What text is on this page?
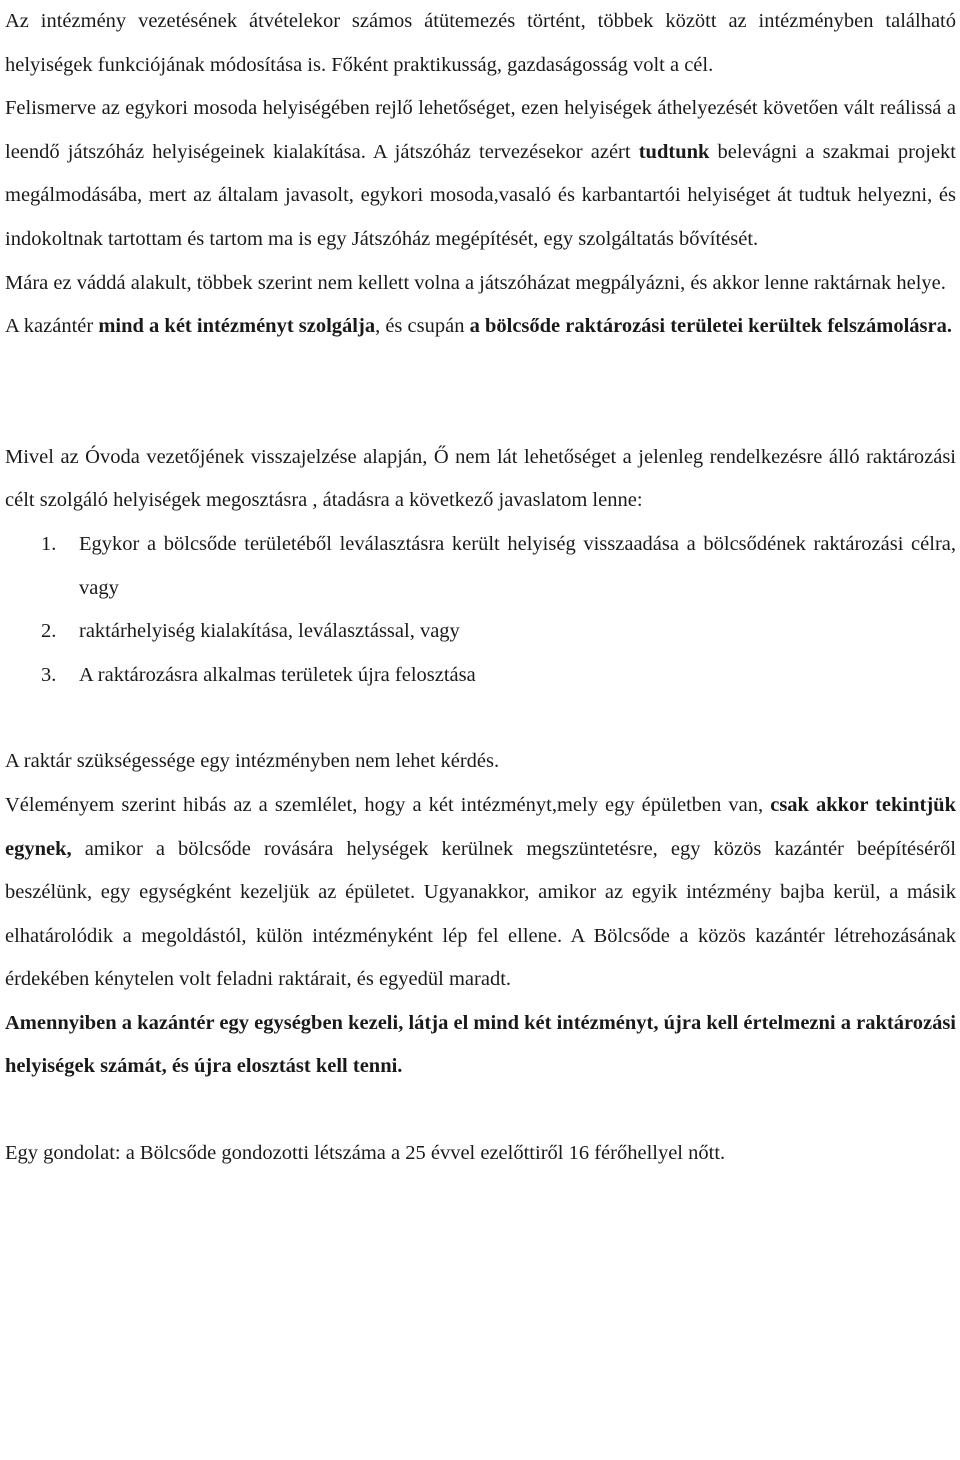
Az intézmény vezetésének átvételekor számos átütemezés történt, többek között az intézményben található helyiségek funkciójának módosítása is. Főként praktikusság, gazdaságosság volt a cél.

Felismerve az egykori mosoda helyiségében rejlő lehetőséget, ezen helyiségek áthelyezését követően vált reálissá a leendő játszóház helyiségeinek kialakítása. A játszóház tervezésekor azért tudtunk belevágni a szakmai projekt megálmodásába, mert az általam javasolt, egykori mosoda,vasaló és karbantartói helyiséget át tudtuk helyezni, és indokoltnak tartottam és tartom ma is egy Játszóház megépítését, egy szolgáltatás bővítését.

Mára ez váddá alakult, többek szerint nem kellett volna a játszóházat megpályázni, és akkor lenne raktárnak helye.

A kazántér mind a két intézményt szolgálja, és csupán a bölcsőde raktározási területei kerültek felszámolásra.

Mivel az Óvoda vezetőjének visszajelzése alapján, Ő nem lát lehetőséget a jelenleg rendelkezésre álló raktározási célt szolgáló helyiségek megosztásra , átadásra a következő javaslatom lenne:

1. Egykor a bölcsőde területéből leválasztásra került helyiség visszaadása a bölcsődének raktározási célra, vagy
2. raktárhelyiség kialakítása, leválasztással, vagy
3. A raktározásra alkalmas területek újra felosztása

A raktár szükségessége egy intézményben nem lehet kérdés.

Véleményem szerint hibás az a szemlélet, hogy a két intézményt,mely egy épületben van, csak akkor tekintjük egynek, amikor a bölcsőde rovására helységek kerülnek megszüntetésre, egy közös kazántér beépítéséről beszélünk, egy egységként kezeljük az épületet. Ugyanakkor, amikor az egyik intézmény bajba kerül, a másik elhatárolódik a megoldástól, külön intézményként lép fel ellene. A Bölcsőde a közös kazántér létrehozásának érdekében kénytelen volt feladni raktárait, és egyedül maradt.

Amennyiben a kazántér egy egységben kezeli, látja el mind két intézményt, újra kell értelmezni a raktározási helyiségek számát, és újra elosztást kell tenni.

Egy gondolat: a Bölcsőde gondozotti létszáma a 25 évvel ezelőttiről 16 férőhellyel nőtt.
